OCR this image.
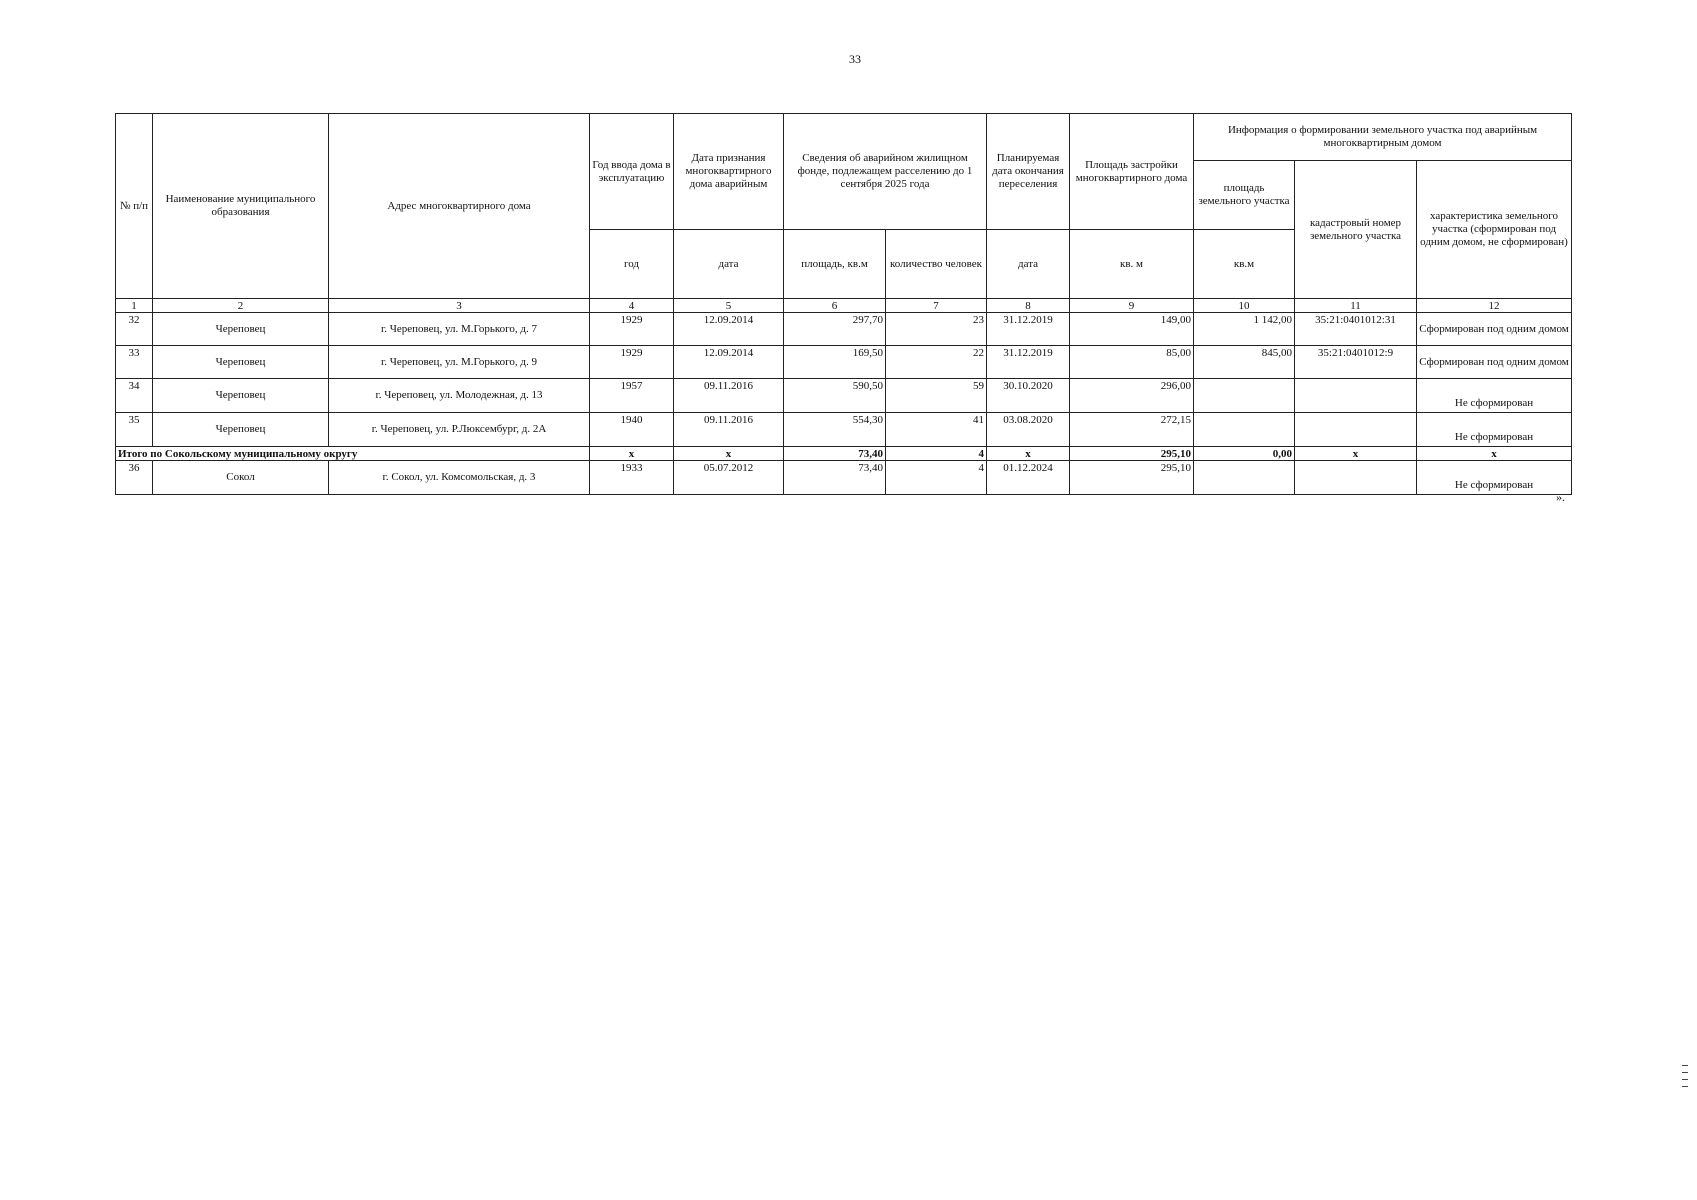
33
№ п/п	Наименование муниципального образования	Адрес многоквартирного дома	Год ввода дома в эксплуатацию	Дата признания многоквартирного дома аварийным	Сведения об аварийном жилищном фонде, подлежащем расселению до 1 сентября 2025 года		Планируемая дата окончания переселения	Площадь застройки многоквартирного дома	Информация о формировании земельного участка под аварийным многоквартирным домом		
									площадь земельного участка	кадастровый номер земельного участка	характеристика земельного участка (сформирован под одним домом, не сформирован)
			год	дата	площадь, кв.м	количество человек	дата	кв. м	кв.м		
1	2	3	4	5	6	7	8	9	10	11	12
32	Череповец	г. Череповец, ул. М.Горького, д. 7	1929	12.09.2014	297,70	23	31.12.2019	149,00	1 142,00	35:21:0401012:31	Сформирован под одним домом
33	Череповец	г. Череповец, ул. М.Горького, д. 9	1929	12.09.2014	169,50	22	31.12.2019	85,00	845,00	35:21:0401012:9	Сформирован под одним домом
34	Череповец	г. Череповец, ул. Молодежная, д. 13	1957	09.11.2016	590,50	59	30.10.2020	296,00			Не сформирован
35	Череповец	г. Череповец, ул. Р.Люксембург, д. 2А	1940	09.11.2016	554,30	41	03.08.2020	272,15			Не сформирован
Итого по Сокольскому муниципальному округу			x	x	73,40	4	x	295,10	0,00	x	x
36	Сокол	г. Сокол, ул. Комсомольская, д. 3	1933	05.07.2012	73,40	4	01.12.2024	295,10			Не сформирован
».
